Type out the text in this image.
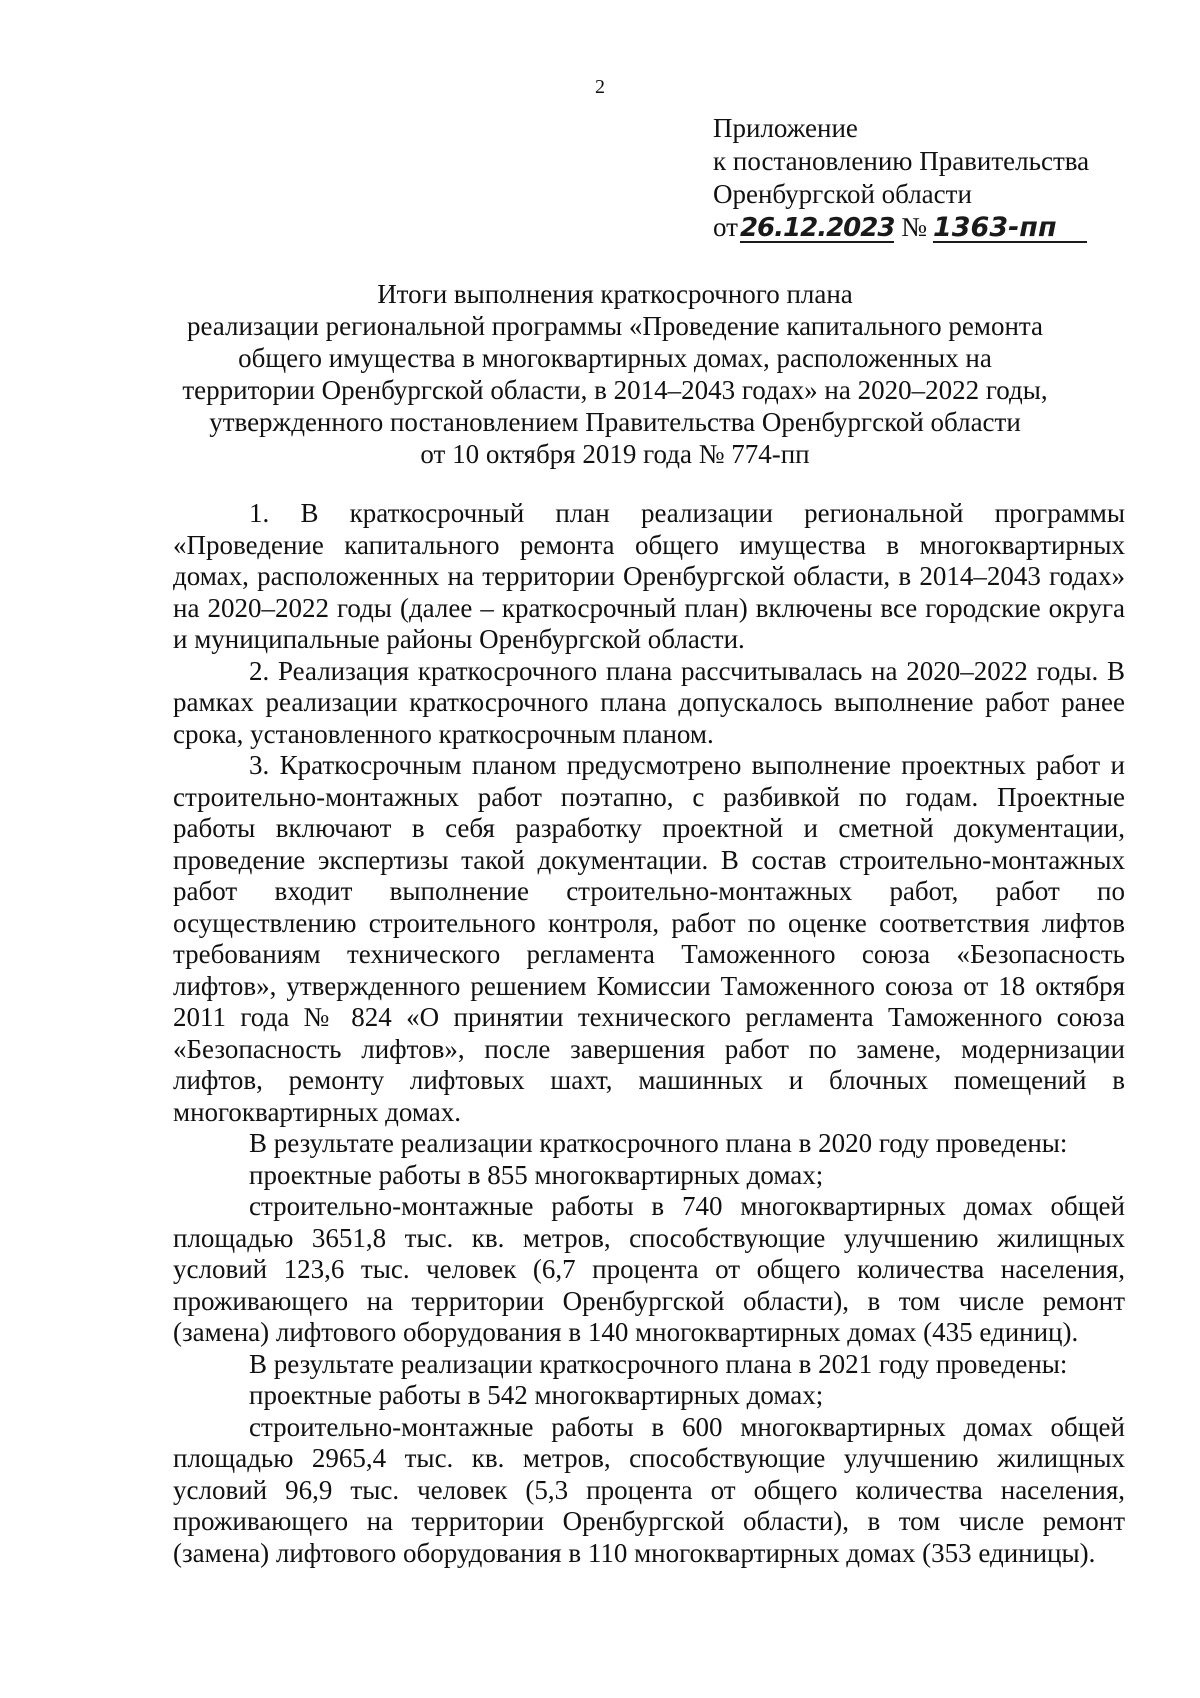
2
Приложение
к постановлению Правительства
Оренбургской области
от26.12.2023 № 1363-пп
Итоги выполнения краткосрочного плана
реализации региональной программы «Проведение капитального ремонта
общего имущества в многоквартирных домах, расположенных на
территории Оренбургской области, в 2014–2043 годах» на 2020–2022 годы,
утвержденного постановлением Правительства Оренбургской области
от 10 октября 2019 года № 774-пп

1. В краткосрочный план реализации региональной программы «Проведение капитального ремонта общего имущества в многоквартирных домах, расположенных на территории Оренбургской области, в 2014–2043 годах» на 2020–2022 годы (далее – краткосрочный план) включены все городские округа и муниципальные районы Оренбургской области.

2. Реализация краткосрочного плана рассчитывалась на 2020–2022 годы. В рамках реализации краткосрочного плана допускалось выполнение работ ранее срока, установленного краткосрочным планом.

3. Краткосрочным планом предусмотрено выполнение проектных работ и строительно-монтажных работ поэтапно, с разбивкой по годам. Проектные работы включают в себя разработку проектной и сметной документации, проведение экспертизы такой документации. В состав строительно-монтажных работ входит выполнение строительно-монтажных работ, работ по осуществлению строительного контроля, работ по оценке соответствия лифтов требованиям технического регламента Таможенного союза «Безопасность лифтов», утвержденного решением Комиссии Таможенного союза от 18 октября 2011 года № 824 «О принятии технического регламента Таможенного союза «Безопасность лифтов», после завершения работ по замене, модернизации лифтов, ремонту лифтовых шахт, машинных и блочных помещений в многоквартирных домах.

В результате реализации краткосрочного плана в 2020 году проведены:

проектные работы в 855 многоквартирных домах;

строительно-монтажные работы в 740 многоквартирных домах общей площадью 3651,8 тыс. кв. метров, способствующие улучшению жилищных условий 123,6 тыс. человек (6,7 процента от общего количества населения, проживающего на территории Оренбургской области), в том числе ремонт (замена) лифтового оборудования в 140 многоквартирных домах (435 единиц).

В результате реализации краткосрочного плана в 2021 году проведены:

проектные работы в 542 многоквартирных домах;

строительно-монтажные работы в 600 многоквартирных домах общей площадью 2965,4 тыс. кв. метров, способствующие улучшению жилищных условий 96,9 тыс. человек (5,3 процента от общего количества населения, проживающего на территории Оренбургской области), в том числе ремонт (замена) лифтового оборудования в 110 многоквартирных домах (353 единицы).
